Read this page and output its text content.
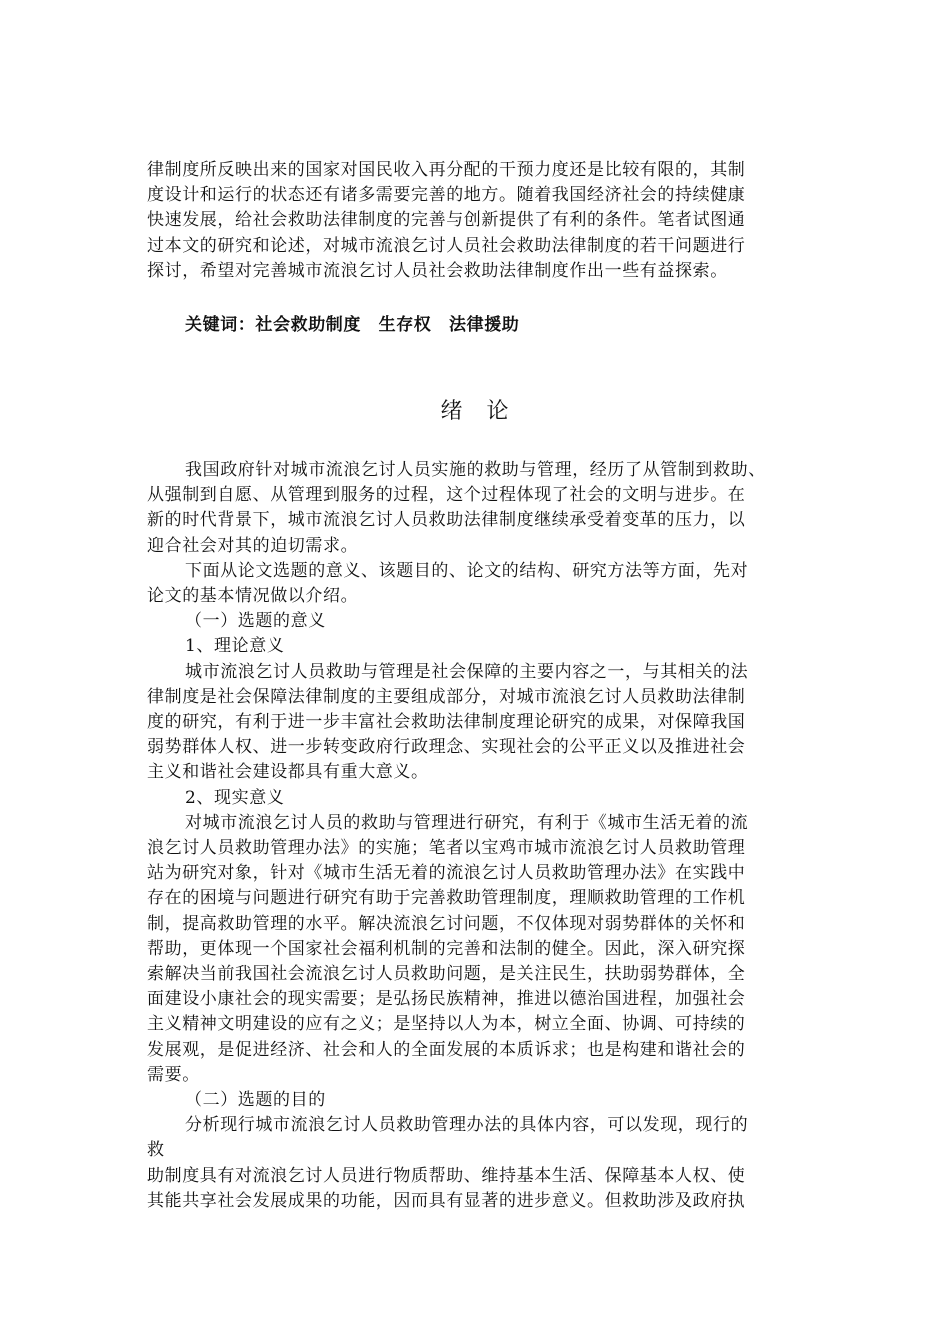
律制度所反映出来的国家对国民收入再分配的干预力度还是比较有限的，其制
度设计和运行的状态还有诸多需要完善的地方。随着我国经济社会的持续健康
快速发展，给社会救助法律制度的完善与创新提供了有利的条件。笔者试图通
过本文的研究和论述，对城市流浪乞讨人员社会救助法律制度的若干问题进行
探讨，希望对完善城市流浪乞讨人员社会救助法律制度作出一些有益探索。
关键词：社会救助制度　生存权　法律援助
绪　论
我国政府针对城市流浪乞讨人员实施的救助与管理，经历了从管制到救助、
从强制到自愿、从管理到服务的过程，这个过程体现了社会的文明与进步。在
新的时代背景下，城市流浪乞讨人员救助法律制度继续承受着变革的压力，以
迎合社会对其的迫切需求。
下面从论文选题的意义、该题目的、论文的结构、研究方法等方面，先对
论文的基本情况做以介绍。
（一）选题的意义
1、理论意义
城市流浪乞讨人员救助与管理是社会保障的主要内容之一，与其相关的法
律制度是社会保障法律制度的主要组成部分，对城市流浪乞讨人员救助法律制
度的研究，有利于进一步丰富社会救助法律制度理论研究的成果，对保障我国
弱势群体人权、进一步转变政府行政理念、实现社会的公平正义以及推进社会
主义和谐社会建设都具有重大意义。
2、现实意义
对城市流浪乞讨人员的救助与管理进行研究，有利于《城市生活无着的流
浪乞讨人员救助管理办法》的实施；笔者以宝鸡市城市流浪乞讨人员救助管理
站为研究对象，针对《城市生活无着的流浪乞讨人员救助管理办法》在实践中
存在的困境与问题进行研究有助于完善救助管理制度，理顺救助管理的工作机
制，提高救助管理的水平。解决流浪乞讨问题，不仅体现对弱势群体的关怀和
帮助，更体现一个国家社会福利机制的完善和法制的健全。因此，深入研究探
索解决当前我国社会流浪乞讨人员救助问题，是关注民生，扶助弱势群体，全
面建设小康社会的现实需要；是弘扬民族精神，推进以德治国进程，加强社会
主义精神文明建设的应有之义；是坚持以人为本，树立全面、协调、可持续的
发展观，是促进经济、社会和人的全面发展的本质诉求；也是构建和谐社会的
需要。
（二）选题的目的
分析现行城市流浪乞讨人员救助管理办法的具体内容，可以发现，现行的
救
助制度具有对流浪乞讨人员进行物质帮助、维持基本生活、保障基本人权、使
其能共享社会发展成果的功能，因而具有显著的进步意义。但救助涉及政府执
